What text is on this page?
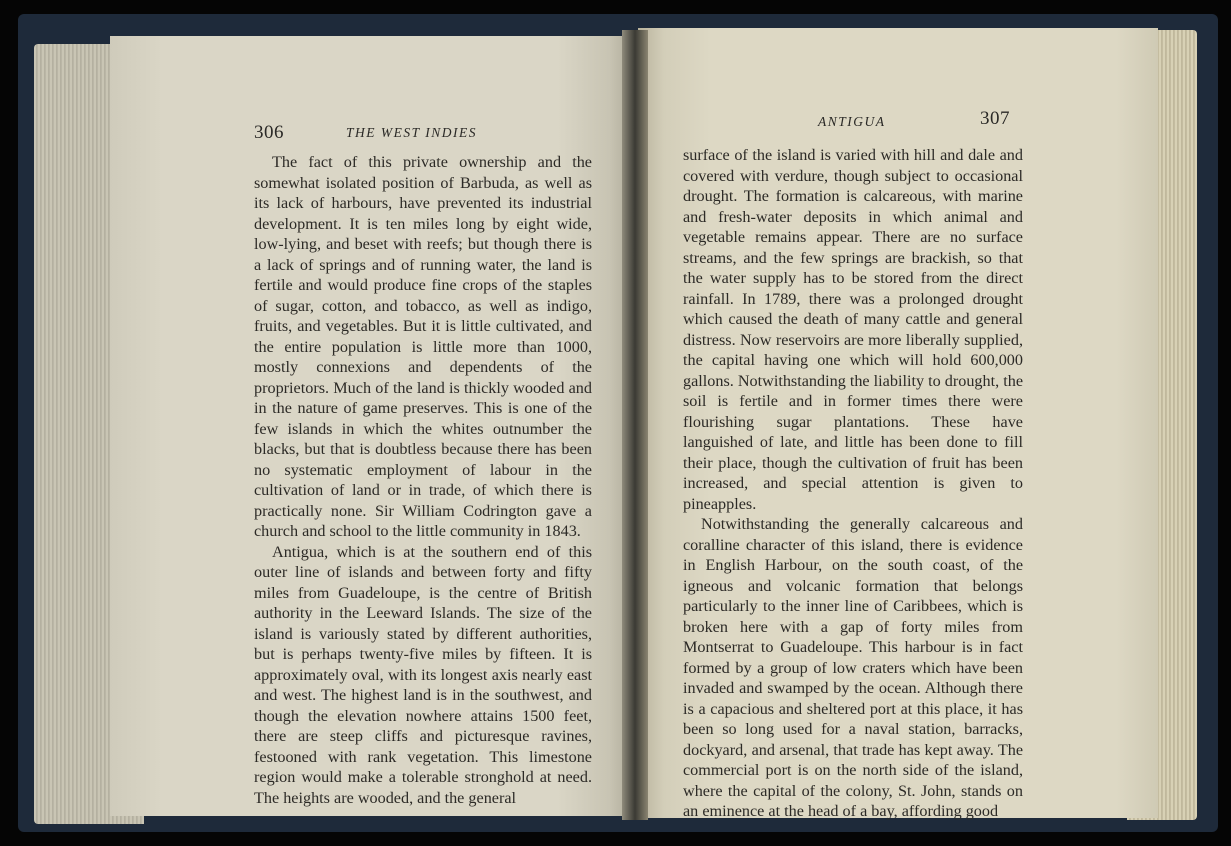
306	THE WEST INDIES
ANTIGUA	307

The fact of this private ownership and the somewhat isolated position of Barbuda, as well as its lack of harbours, have prevented its industrial development. It is ten miles long by eight wide, low-lying, and beset with reefs; but though there is a lack of springs and of running water, the land is fertile and would produce fine crops of the staples of sugar, cotton, and tobacco, as well as indigo, fruits, and vegetables. But it is little cultivated, and the entire population is little more than 1000, mostly connexions and dependents of the proprietors. Much of the land is thickly wooded and in the nature of game preserves. This is one of the few islands in which the whites outnumber the blacks, but that is doubtless because there has been no systematic employment of labour in the cultivation of land or in trade, of which there is practically none. Sir William Codrington gave a church and school to the little community in 1843.

Antigua, which is at the southern end of this outer line of islands and between forty and fifty miles from Guadeloupe, is the centre of British authority in the Leeward Islands. The size of the island is variously stated by different authorities, but is perhaps twenty-five miles by fifteen. It is approximately oval, with its longest axis nearly east and west. The highest land is in the southwest, and though the elevation nowhere attains 1500 feet, there are steep cliffs and picturesque ravines, festooned with rank vegetation. This limestone region would make a tolerable stronghold at need. The heights are wooded, and the general

surface of the island is varied with hill and dale and covered with verdure, though subject to occasional drought. The formation is calcareous, with marine and fresh-water deposits in which animal and vegetable remains appear. There are no surface streams, and the few springs are brackish, so that the water supply has to be stored from the direct rainfall. In 1789, there was a prolonged drought which caused the death of many cattle and general distress. Now reservoirs are more liberally supplied, the capital having one which will hold 600,000 gallons. Notwithstanding the liability to drought, the soil is fertile and in former times there were flourishing sugar plantations. These have languished of late, and little has been done to fill their place, though the cultivation of fruit has been increased, and special attention is given to pineapples.

Notwithstanding the generally calcareous and coralline character of this island, there is evidence in English Harbour, on the south coast, of the igneous and volcanic formation that belongs particularly to the inner line of Caribbees, which is broken here with a gap of forty miles from Montserrat to Guadeloupe. This harbour is in fact formed by a group of low craters which have been invaded and swamped by the ocean. Although there is a capacious and sheltered port at this place, it has been so long used for a naval station, barracks, dockyard, and arsenal, that trade has kept away. The commercial port is on the north side of the island, where the capital of the colony, St. John, stands on an eminence at the head of a bay, affording good
